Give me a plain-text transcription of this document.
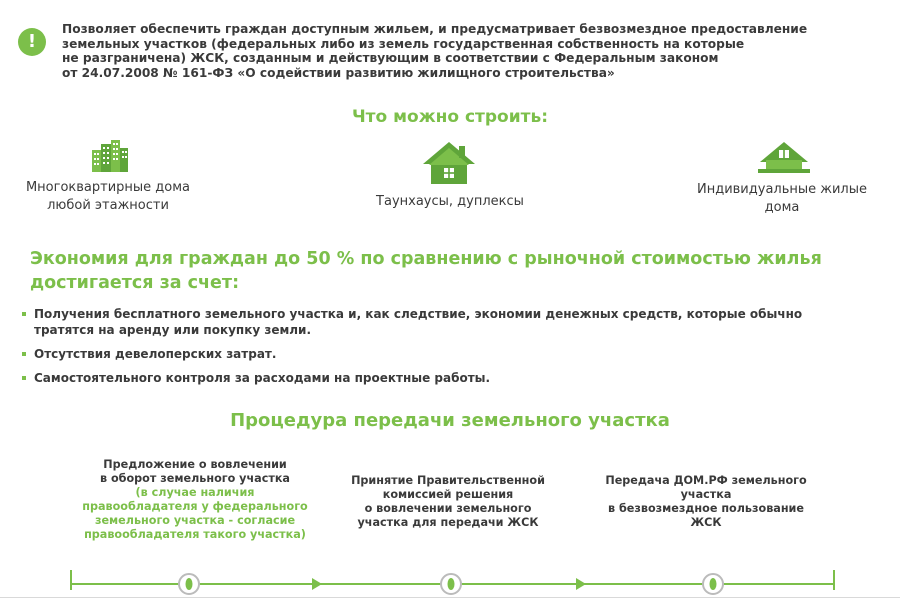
!
Позволяет обеспечить граждан доступным жильем, и предусматривает безвозмездное предоставление
земельных участков (федеральных либо из земель государственная собственность на которые
не разграничена) ЖСК, созданным и действующим в соответствии с Федеральным законом
от 24.07.2008 № 161-ФЗ «О содействии развитию жилищного строительства»
Что можно строить:
Многоквартирные дома
любой этажности	Таунхаусы, дуплексы
Индивидуальные жилые
дома
Экономия для граждан до 50 % по сравнению с рыночной стоимостью жилья
достигается за счет:
Получения бесплатного земельного участка и, как следствие, экономии денежных средств, которые обычно
тратятся на аренду или покупку земли.
Отсутствия девелоперских затрат.
Самостоятельного контроля за расходами на проектные работы.
Процедура передачи земельного участка
Предложение о вовлечении
в оборот земельного участка
(в случае наличия
правообладателя у федерального
земельного участка - согласие
правообладателя такого участка)
Принятие Правительственной
комиссией решения
о вовлечении земельного
участка для передачи ЖСК
Передача ДОМ.РФ земельного
участка
в безвозмездное пользование
ЖСК
